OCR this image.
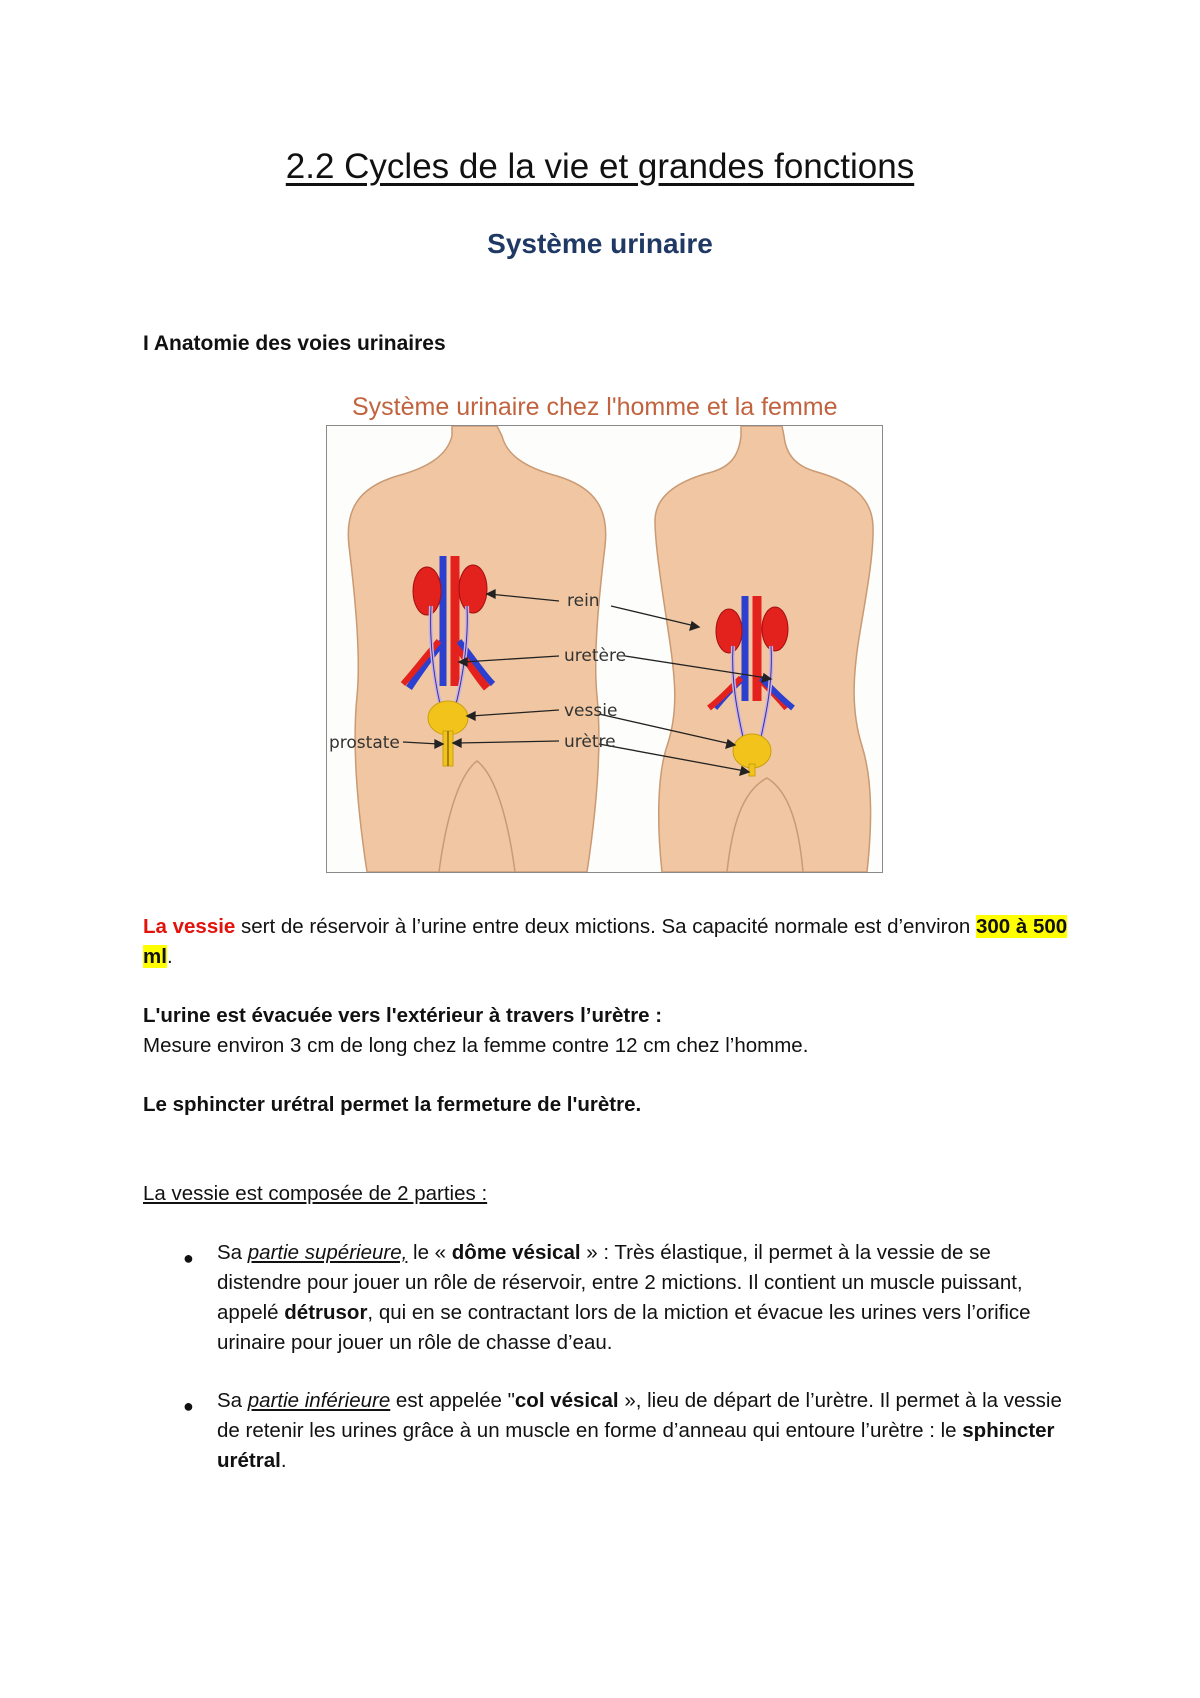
2.2 Cycles de la vie et grandes fonctions
Système urinaire
I Anatomie des voies urinaires
Système urinaire chez l'homme et la femme
rein
uretère
vessie
urètre
prostate
La vessie sert de réservoir à l’urine entre deux mictions. Sa capacité normale est d’environ 300 à 500 ml.
L'urine est évacuée vers l'extérieur à travers l’urètre :
Mesure environ 3 cm de long chez la femme contre 12 cm chez l’homme.
Le sphincter urétral permet la fermeture de l'urètre.
La vessie est composée de 2 parties :
● Sa partie supérieure, le « dôme vésical » : Très élastique, il permet à la vessie de se distendre pour jouer un rôle de réservoir, entre 2 mictions. Il contient un muscle puissant, appelé détrusor, qui en se contractant lors de la miction et évacue les urines vers l’orifice urinaire pour jouer un rôle de chasse d’eau.
● Sa partie inférieure est appelée "col vésical », lieu de départ de l’urètre. Il permet à la vessie de retenir les urines grâce à un muscle en forme d’anneau qui entoure l’urètre : le sphincter urétral.
